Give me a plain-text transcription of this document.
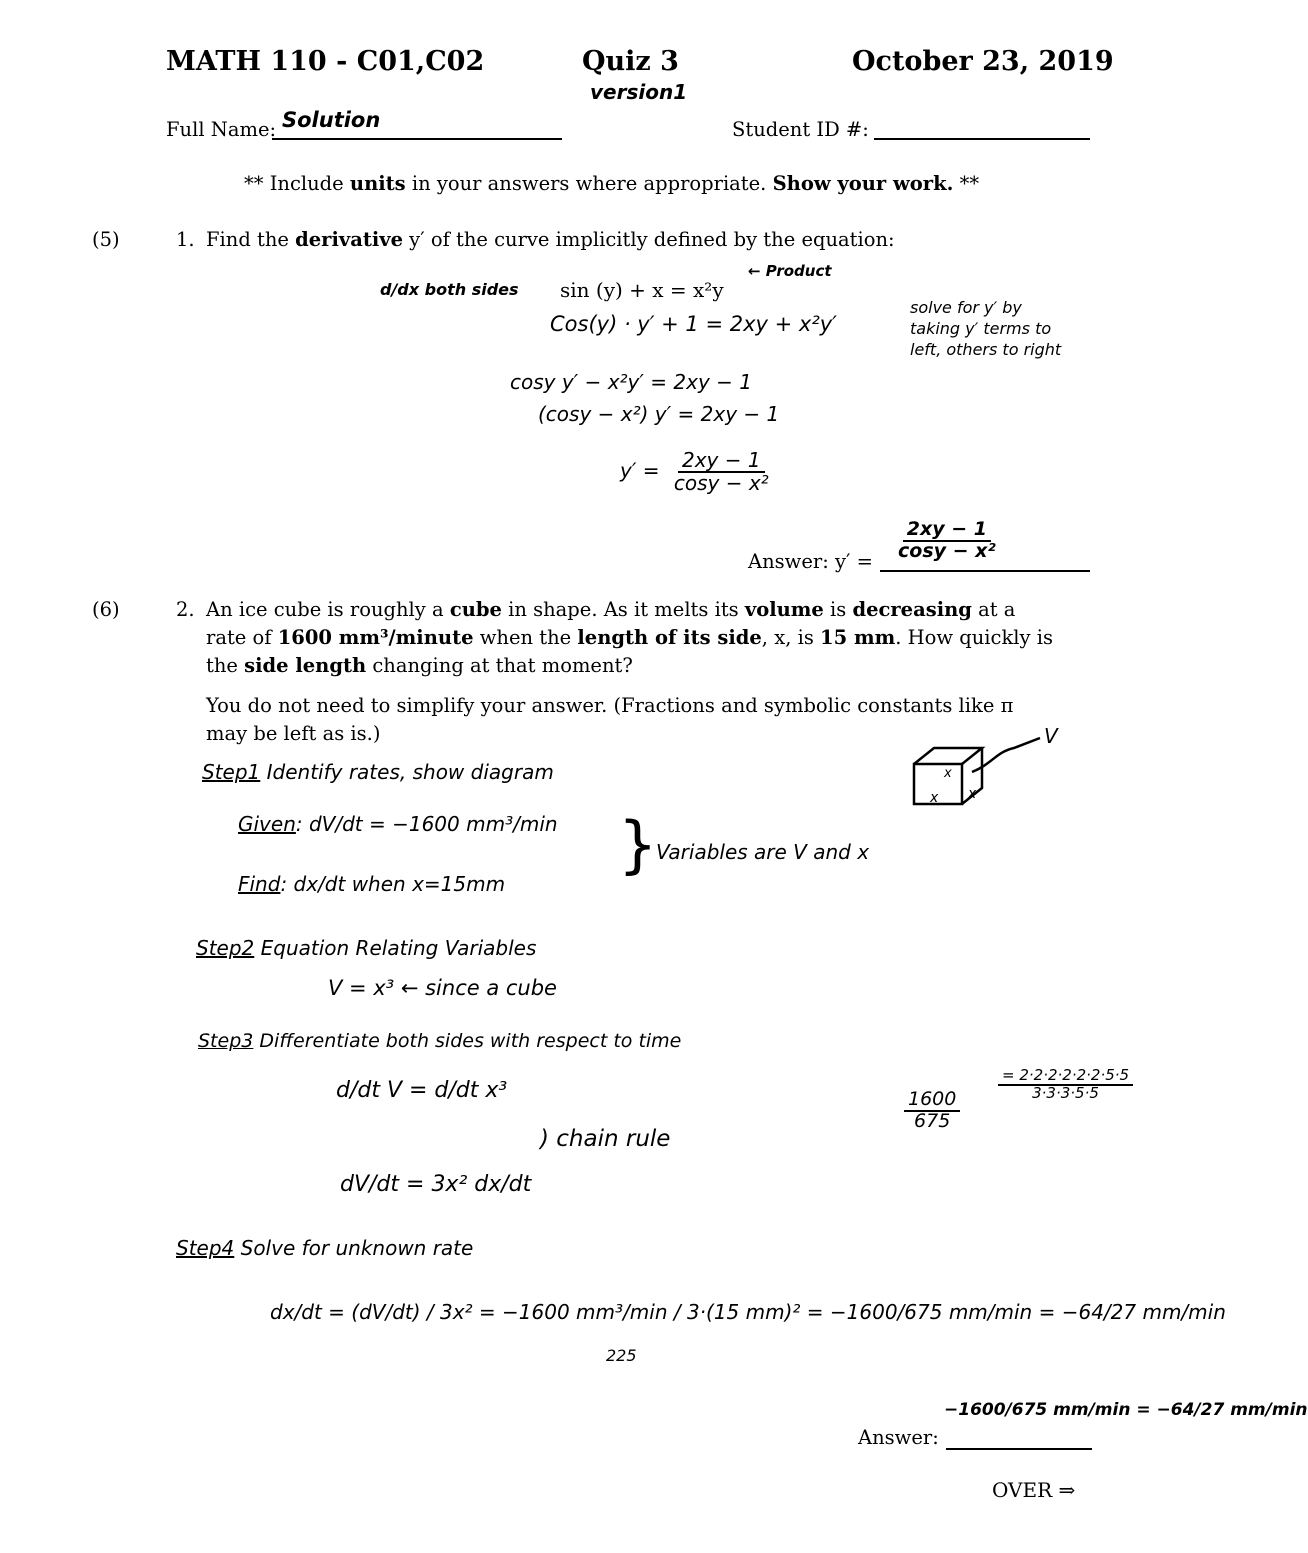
MATH 110 - C01,C02	Quiz 3	October 23, 2019
version1
Full Name: Solution	Student ID #:
** Include units in your answers where appropriate. Show your work. **
(5)	1. Find the derivative y′ of the curve implicitly defined by the equation:
sin (y) + x = x²y
d/dx both sides
← Product
Cos(y) · y′ + 1 = 2xy + x²y′
cosy y′ − x²y′ = 2xy − 1
(cosy − x²) y′ = 2xy − 1
$y' = \frac{2xy - 1}{\text{cosy − x²}}$
solve for y′ by
taking y′ terms to
left, others to right
Answer: $y' = \frac{2xy - 1}{\text{cosy − x²}}$
(6)	2. An ice cube is roughly a cube in shape. As it melts its volume is decreasing at a
rate of 1600 mm³/minute when the length of its side, x, is 15 mm. How quickly is
the side length changing at that moment?
You do not need to simplify your answer. (Fractions and symbolic constants like π
may be left as is.)
Step1 Identify rates, show diagram
Given: dV/dt = −1600 mm³/min
Find: dx/dt when x=15mm
}
Variables are V and x
V
x
x x
Step2 Equation Relating Variables
V = x³ ← since a cube
Step3 Differentiate both sides with respect to time
d/dt V = d/dt x³
) chain rule
dV/dt = 3x² dx/dt
$\frac{1600}{675}$
$\frac{= 2\cdot 2\cdot 2\cdot 2\cdot 2\cdot 2\cdot 5\cdot 5}{3\cdot 3\cdot 3\cdot 5\cdot 5}$
Step4 Solve for unknown rate
dx/dt = (dV/dt) / 3x² = −1600 mm³/min / 3·(15 mm)² = −1600/675 mm/min = −64/27 mm/min
225
Answer:
−1600/675 mm/min = −64/27 mm/min
OVER ⇒
